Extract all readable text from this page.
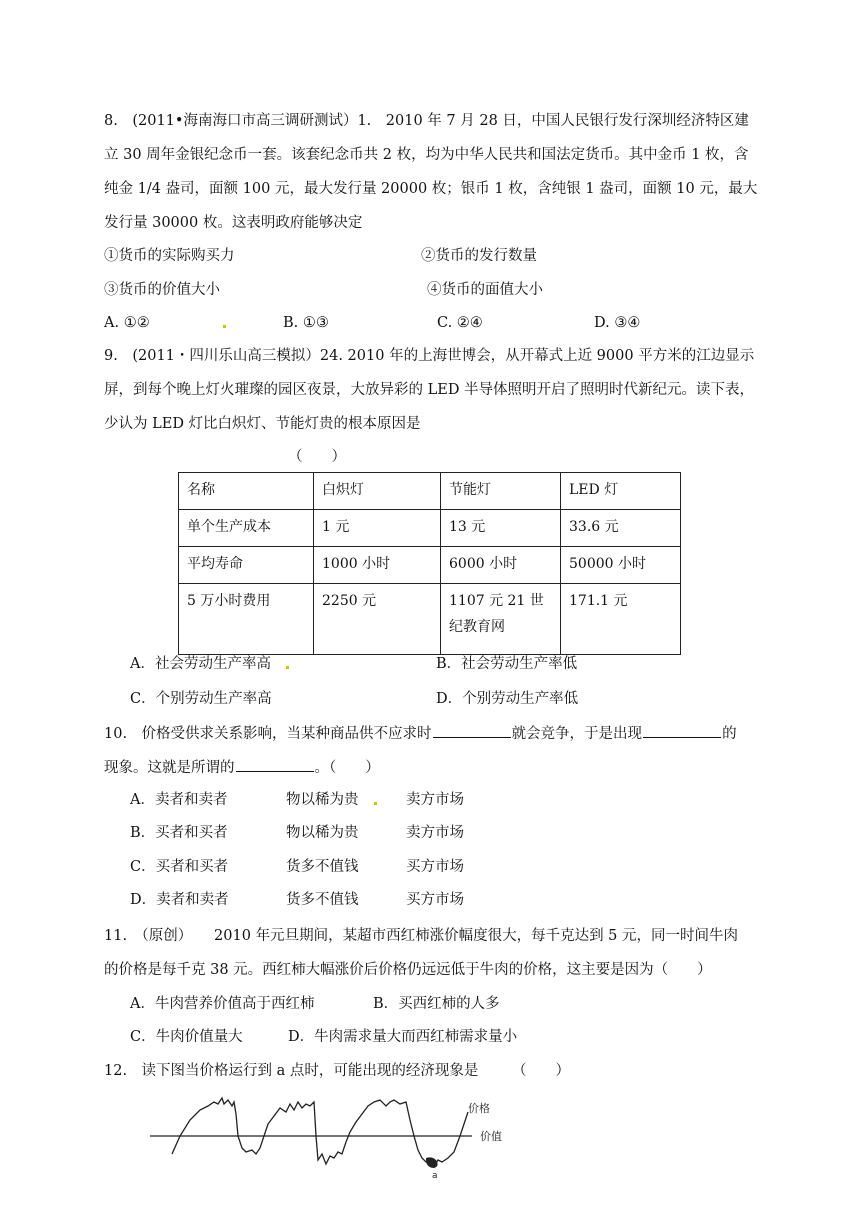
8.　(2011•海南海口市高三调研测试）1.　2010 年 7 月 28 日，中国人民银行发行深圳经济特区建立 30 周年金银纪念币一套。该套纪念币共 2 枚，均为中华人民共和国法定货币。其中金币 1 枚，含纯金 1/4 盎司，面额 100 元，最大发行量 20000 枚；银币 1 枚，含纯银 1 盎司，面额 10 元，最大发行量 30000 枚。这表明政府能够决定
①货币的实际购买力	②货币的发行数量
③货币的价值大小	④货币的面值大小
A. ①②	B. ①③	C. ②④	D. ③④
9.　(2011・四川乐山高三模拟）24. 2010 年的上海世博会，从开幕式上近 9000 平方米的江边显示屏，到每个晚上灯火璀璨的园区夜景，大放异彩的 LED 半导体照明开启了照明时代新纪元。读下表，少认为 LED 灯比白炽灯、节能灯贵的根本原因是
（　　）
名称	白炽灯	节能灯	LED 灯
单个生产成本	1 元	13 元	33.6 元
平均寿命	1000 小时	6000 小时	50000 小时
5 万小时费用	2250 元	1107 元 21 世纪教育网	171.1 元
A．社会劳动生产率高	B．社会劳动生产率低
C．个别劳动生产率高	D．个别劳动生产率低
10.　价格受供求关系影响，当某种商品供不应求时	就会竞争，于是出现	的
现象。这就是所谓的	。（　　）
A．卖者和卖者	物以稀为贵	卖方市场
B．买者和买者	物以稀为贵	卖方市场
C．买者和买者	货多不值钱	买方市场
D．卖者和卖者	货多不值钱	买方市场
11.　（原创）　　2010 年元旦期间，某超市西红柿涨价幅度很大，每千克达到 5 元，同一时间牛肉
的价格是每千克 38 元。西红柿大幅涨价后价格仍远远低于牛肉的价格，这主要是因为（　　）
A．牛肉营养价值高于西红柿	B．买西红柿的人多
C．牛肉价值量大	D．牛肉需求量大而西红柿需求量小
12.　读下图当价格运行到 a 点时，可能出现的经济现象是 （　　）
a
价格
价值
